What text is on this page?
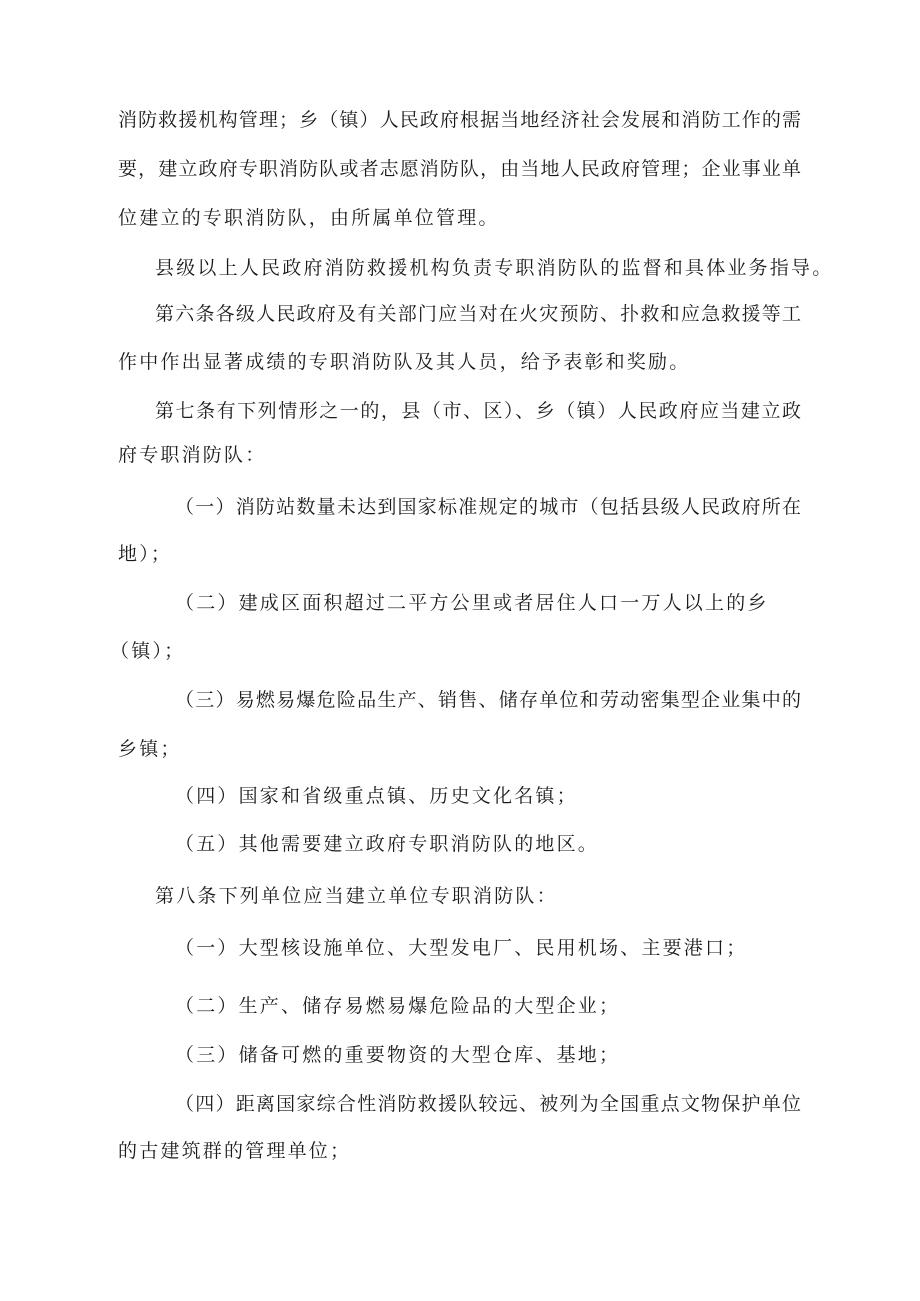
消防救援机构管理；乡（镇）人民政府根据当地经济社会发展和消防工作的需
要，建立政府专职消防队或者志愿消防队，由当地人民政府管理；企业事业单
位建立的专职消防队，由所属单位管理。
县级以上人民政府消防救援机构负责专职消防队的监督和具体业务指导。
第六条各级人民政府及有关部门应当对在火灾预防、扑救和应急救援等工
作中作出显著成绩的专职消防队及其人员，给予表彰和奖励。
第七条有下列情形之一的，县（市、区）、乡（镇）人民政府应当建立政
府专职消防队：
（一）消防站数量未达到国家标准规定的城市（包括县级人民政府所在
地）；
（二）建成区面积超过二平方公里或者居住人口一万人以上的乡
（镇）；
（三）易燃易爆危险品生产、销售、储存单位和劳动密集型企业集中的
乡镇；
（四）国家和省级重点镇、历史文化名镇；
（五）其他需要建立政府专职消防队的地区。
第八条下列单位应当建立单位专职消防队：
（一）大型核设施单位、大型发电厂、民用机场、主要港口；
（二）生产、储存易燃易爆危险品的大型企业；
（三）储备可燃的重要物资的大型仓库、基地；
（四）距离国家综合性消防救援队较远、被列为全国重点文物保护单位
的古建筑群的管理单位；
